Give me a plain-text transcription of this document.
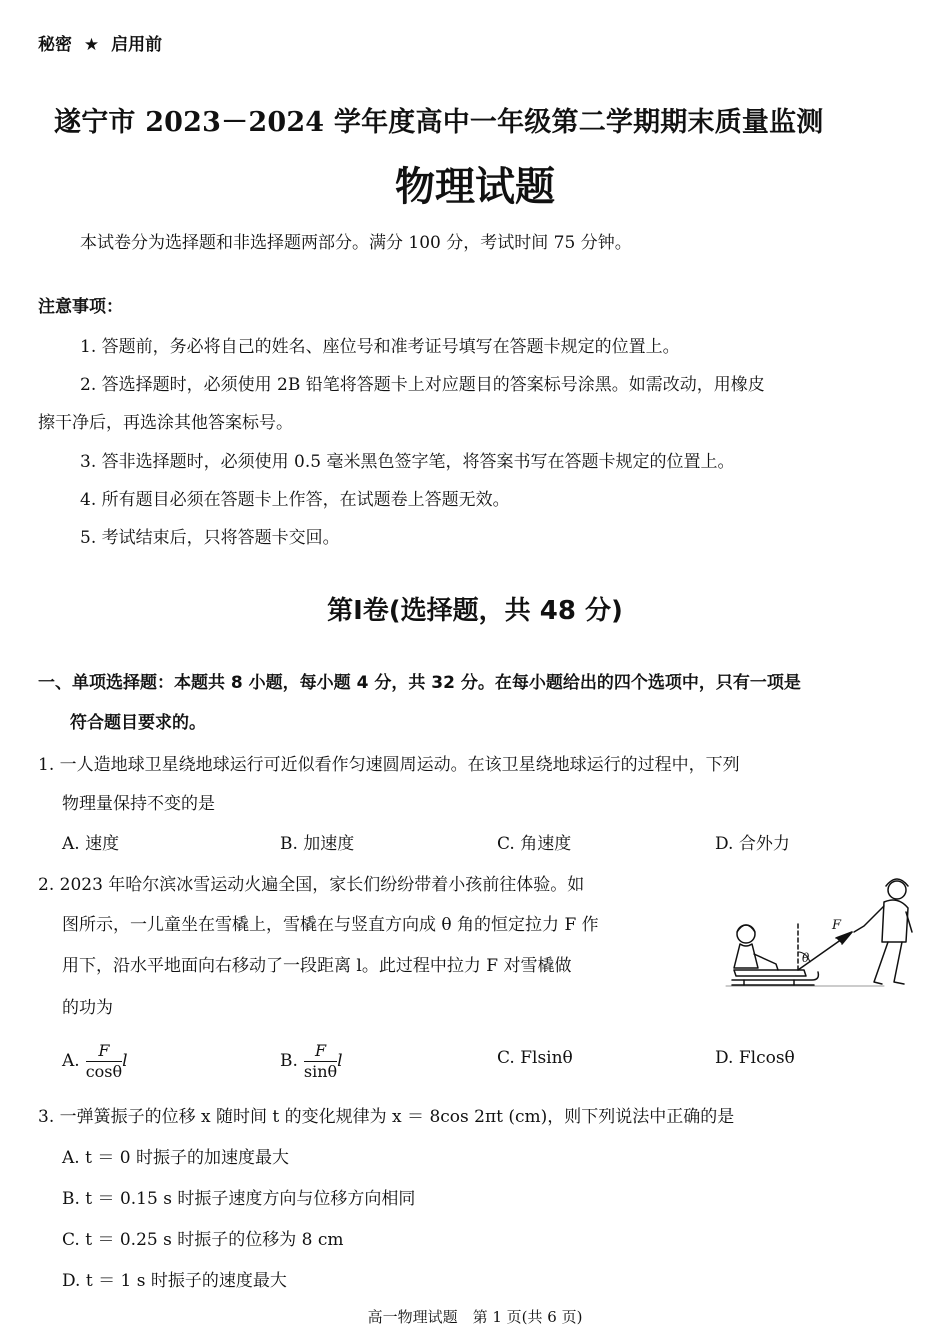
秘密 ★ 启用前
遂宁市 2023－2024 学年度高中一年级第二学期期末质量监测
物理试题
本试卷分为选择题和非选择题两部分。满分 100 分，考试时间 75 分钟。
注意事项：
1. 答题前，务必将自己的姓名、座位号和准考证号填写在答题卡规定的位置上。
2. 答选择题时，必须使用 2B 铅笔将答题卡上对应题目的答案标号涂黑。如需改动，用橡皮
擦干净后，再选涂其他答案标号。
3. 答非选择题时，必须使用 0.5 毫米黑色签字笔，将答案书写在答题卡规定的位置上。
4. 所有题目必须在答题卡上作答，在试题卷上答题无效。
5. 考试结束后，只将答题卡交回。
第Ⅰ卷(选择题，共 48 分)
一、单项选择题：本题共 8 小题，每小题 4 分，共 32 分。在每小题给出的四个选项中，只有一项是
符合题目要求的。
1. 一人造地球卫星绕地球运行可近似看作匀速圆周运动。在该卫星绕地球运行的过程中，下列
物理量保持不变的是
A. 速度	B. 加速度	C. 角速度	D. 合外力
2. 2023 年哈尔滨冰雪运动火遍全国，家长们纷纷带着小孩前往体验。如
图所示，一儿童坐在雪橇上，雪橇在与竖直方向成 θ 角的恒定拉力 F 作
用下，沿水平地面向右移动了一段距离 l。此过程中拉力 F 对雪橇做
的功为
F
θ
A. $\frac{F}{\cos\theta}$ l	B. $\frac{F}{\sin\theta}$ l	C. Flsinθ	D. Flcosθ
3. 一弹簧振子的位移 x 随时间 t 的变化规律为 x ＝ 8cos 2πt (cm)，则下列说法中正确的是
A. t ＝ 0 时振子的加速度最大
B. t ＝ 0.15 s 时振子速度方向与位移方向相同
C. t ＝ 0.25 s 时振子的位移为 8 cm
D. t ＝ 1 s 时振子的速度最大
高一物理试题　第 1 页(共 6 页)
